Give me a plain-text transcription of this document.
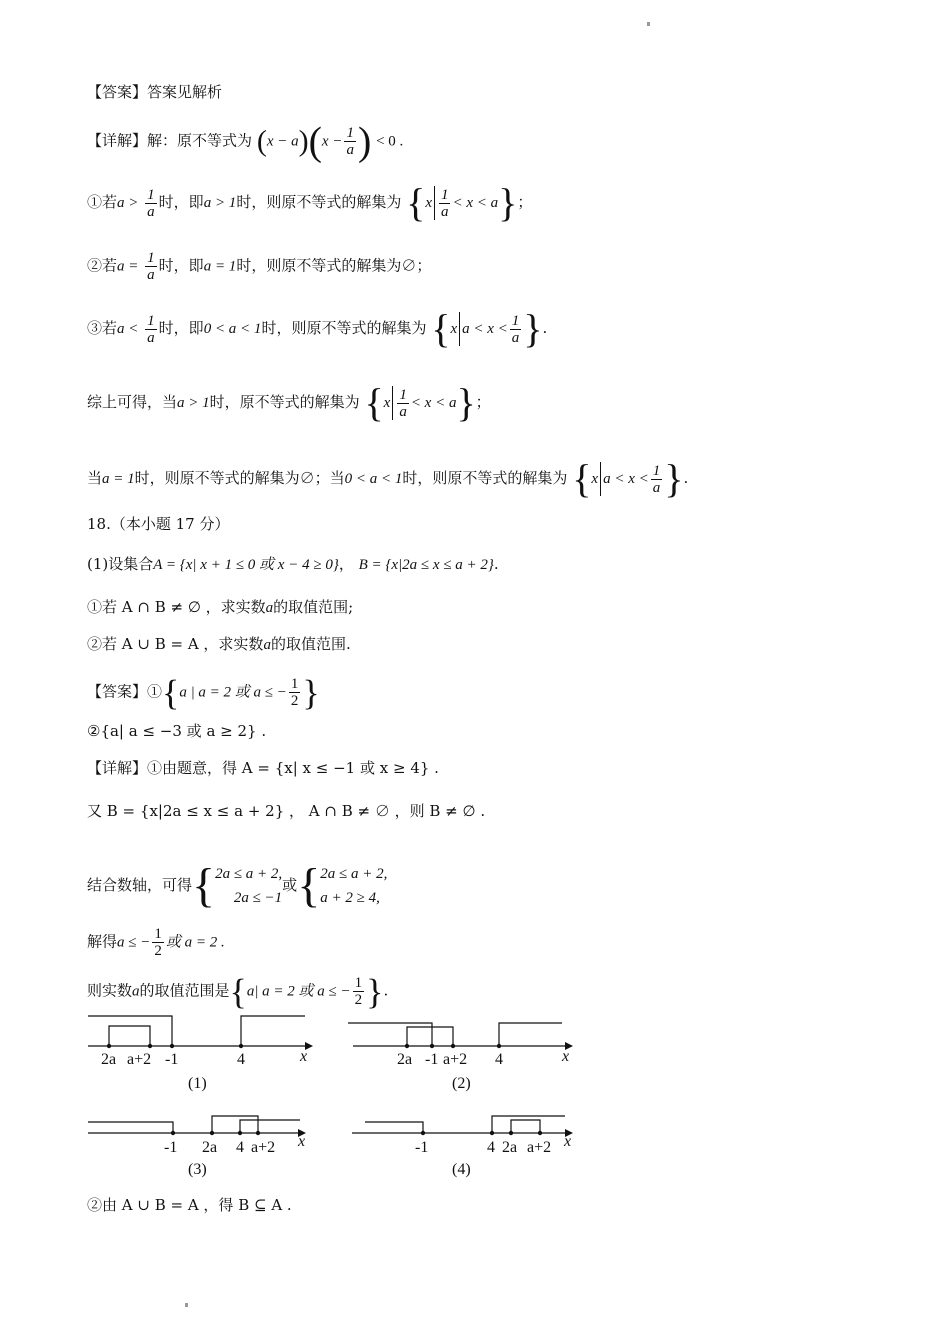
【答案】答案见解析
【详解】解：原不等式为 $(x - a)(x - \frac{1}{a}$ ) < 0 .
①若$a > \frac{1}{a}$ 时，即a > 1时，则原不等式的解集为 $\{x \frac{1}{a} < x < a\}$；
②若$a = \frac{1}{a}$ 时，即a = 1时，则原不等式的解集为∅；
③若$a < \frac{1}{a}$ 时，即0 < a < 1时，则原不等式的解集为 {x $a < x < \frac{1}{a}$ }.
综上可得，当a > 1时，原不等式的解集为 $\{x \frac{1}{a} < x < a\}$；
当a = 1时，则原不等式的解集为∅；当0 < a < 1时，则原不等式的解集为 {x $a < x < \frac{1}{a}$ }.
18.（本小题 17 分）
(1)设集合A = {x| x + 1 ≤ 0 或 x − 4 ≥ 0}， B = {x|2a ≤ x ≤ a + 2}.
①若 A ∩ B ≠ ∅ ，求实数a的取值范围;
②若 A ∪ B = A ，求实数a的取值范围.
【答案】①{a | a = 2 或 a ≤ − $\frac{1}{2}$ }
②{a| a ≤ −3 或 a ≥ 2} .
【详解】①由题意，得 A = {x| x ≤ −1 或 x ≥ 4} .
又 B = {x|2a ≤ x ≤ a + 2} ， A ∩ B ≠ ∅ ，则 B ≠ ∅ .
结合数轴，可得{ 2a ≤ a + 2,
2a ≤ −1
或{ 2a ≤ a + 2,
a + 2 ≥ 4,
解得a ≤ − $\frac{1}{2}$ 或 a = 2 .
则实数a的取值范围是{a| a = 2 或 a ≤ − $\frac{1}{2}$ }.
2a a+2 -1	4	x
(1)
2a -1 a+2 4	x
(2)
-1 2a 4 a+2 x
(3)
-1	4 2a a+2 x
(4)
②由 A ∪ B = A ，得 B ⊆ A .
